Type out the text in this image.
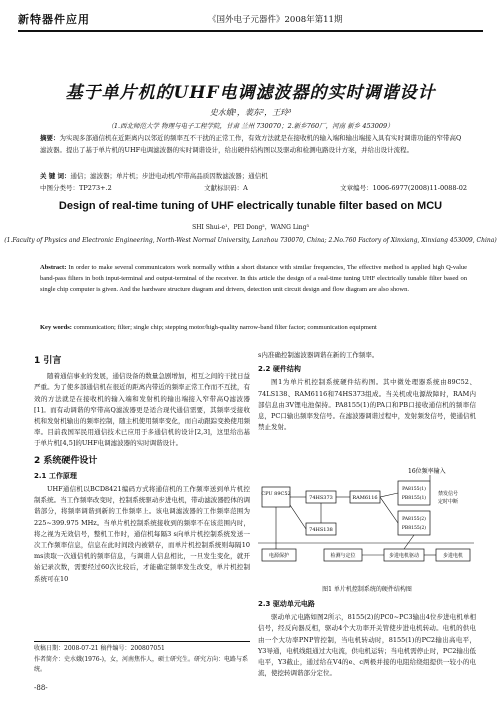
新特器件应用	《国外电子元器件》2008年第11期
基于单片机的UHF电调滤波器的实时调谐设计
史水娥¹，裴东²，王玲³
（1.西北师范大学 物理与电子工程学院，甘肃 兰州 730070；2.新乡760厂，河南 新乡 453009）
摘要：为实现多部通信机在近距离内以邻近的频率互不干扰的正常工作，有效方法就是在接收机的输入端和输出端接入具有实时调谐功能的窄带高Q滤波器。提出了基于单片机的UHF电调滤波器的实时调谐设计，给出硬件结构图以及驱动和检测电路设计方案，并给出设计流程。
关 键 词：通信；滤波器；单片机；步进电动机/窄带高品质因数滤波器；通信机
中图分类号：TP273+.2	文献标识码：A	文章编号：1006-6977(2008)11-0088-02
Design of real-time tuning of UHF electrically tunable filter based on MCU
SHI Shui-e¹，PEI Dong²，WANG Ling³
(1.Faculty of Physics and Electronic Engineering, North-West Normal University, Lanzhou 730070, China; 2.No.760 Factory of Xinxiang, Xinxiang 453009, China)
Abstract: In order to make several communicators work normally within a short distance with similar frequencies, The effective method is applied high Q-value band-pass filters in both input-terminal and output-terminal of the receiver. In this article the design of a real-time tuning UHF electrically tunable filter based on single chip computer is given. And the hardware structure diagram and drivers, detection unit circuit design and flow diagram are also shown.
Key words: communication; filter; single chip; stepping motor/high-quality narrow-band filter factor; communication equipment
1 引言

随着通信事业的发展，通信设备的数量急剧增加，相互之间的干扰日益严重。为了使多部通信机在很近的距离内带近的频率正常工作而不互扰，有效的方法就是在接收机的输入端和发射机的输出端接入窄带高Q滤波器[1]。而有动调谐的窄带高Q滤波器更是适合现代通信需要，其频率受接收机和发射机输出的频率控制，随主机使用频率变化，而自动跟踪变换使用频率。目前我国军民用通信技术已应用于多通信机的设计[2,3]，这里给出基于单片机[4,5]的UHF电调滤波器的实时调谐设计。

2 系统硬件设计
2.1 工作原理

UHF通信机以BCD8421编码方式将通信机的工作频率送到单片机控制系统。当工作频率改变时，控制系统驱动步进电机，带动滤波器腔体的调谐部分，将频率调谐到新的工作频率上。该电调滤波器的工作频率范围为225~399.975 MHz。当单片机控制系统接收到的频率不在该范围内时，将之视为无效信号，整机工作时，通信机每隔3 s向单片机控制系统发送一次工作频率信息，信息在此时间段内被锁存，而单片机控制系统则每隔10 ms读取一次通信机的频率信息，与调谐人信息相比，一旦发生变化，就开始记录次数，需要经过60次比较后，才能确定频率发生改变，单片机控制系统可在10

s内准确控制滤波器调谐在新的工作频率。

2.2 硬件结构

图1为单片机控制系统硬件结构图。其中微处理器系统由89C52、74LS138、RAM6116和74HS373组成。当关机或电源故障时，RAM内部信息由3V锂电池保持。PA8155(1)的PA口和PB口接收通信机的频率信息，PC口输出频率发信号。在滤波器调谐过程中，发射频发信号，使通信机禁止发射。

16位频率输入
CPU 89C52
74HS373	RAM6116
74HS138
PA8155(1)
PB8155(1)
PA8155(2)
PB8155(2)
禁发信号
定时中断
电源保护	检测与定位	步进电机驱动	步进电机
图1 单片机控制系统的硬件结构图
2.3 驱动单元电路

驱动单元电路如图2所示，8155(2)的PC0~PC3输出4位步进电机单相信号，经反向器反相，驱动4个大功率开关管使步进电机转动。电机的供电由一个大功率PNP管控制，当电机转动时，8155(1)的PC2输出高电平，Y3导通，电机线组通过大电流，供电机运转；当电机需停止时，PC2输出低电平，Y3截止，通过给在V4的e、c两极并接的电阻给绕组提供一较小的电流，使挖转调谐部分定位。

收稿日期：2008-07-21 稿件编号：200807051
作者简介：史水娥(1976-)，女，河南焦作人，硕士研究生。研究方向：电路与系统。
-88-
